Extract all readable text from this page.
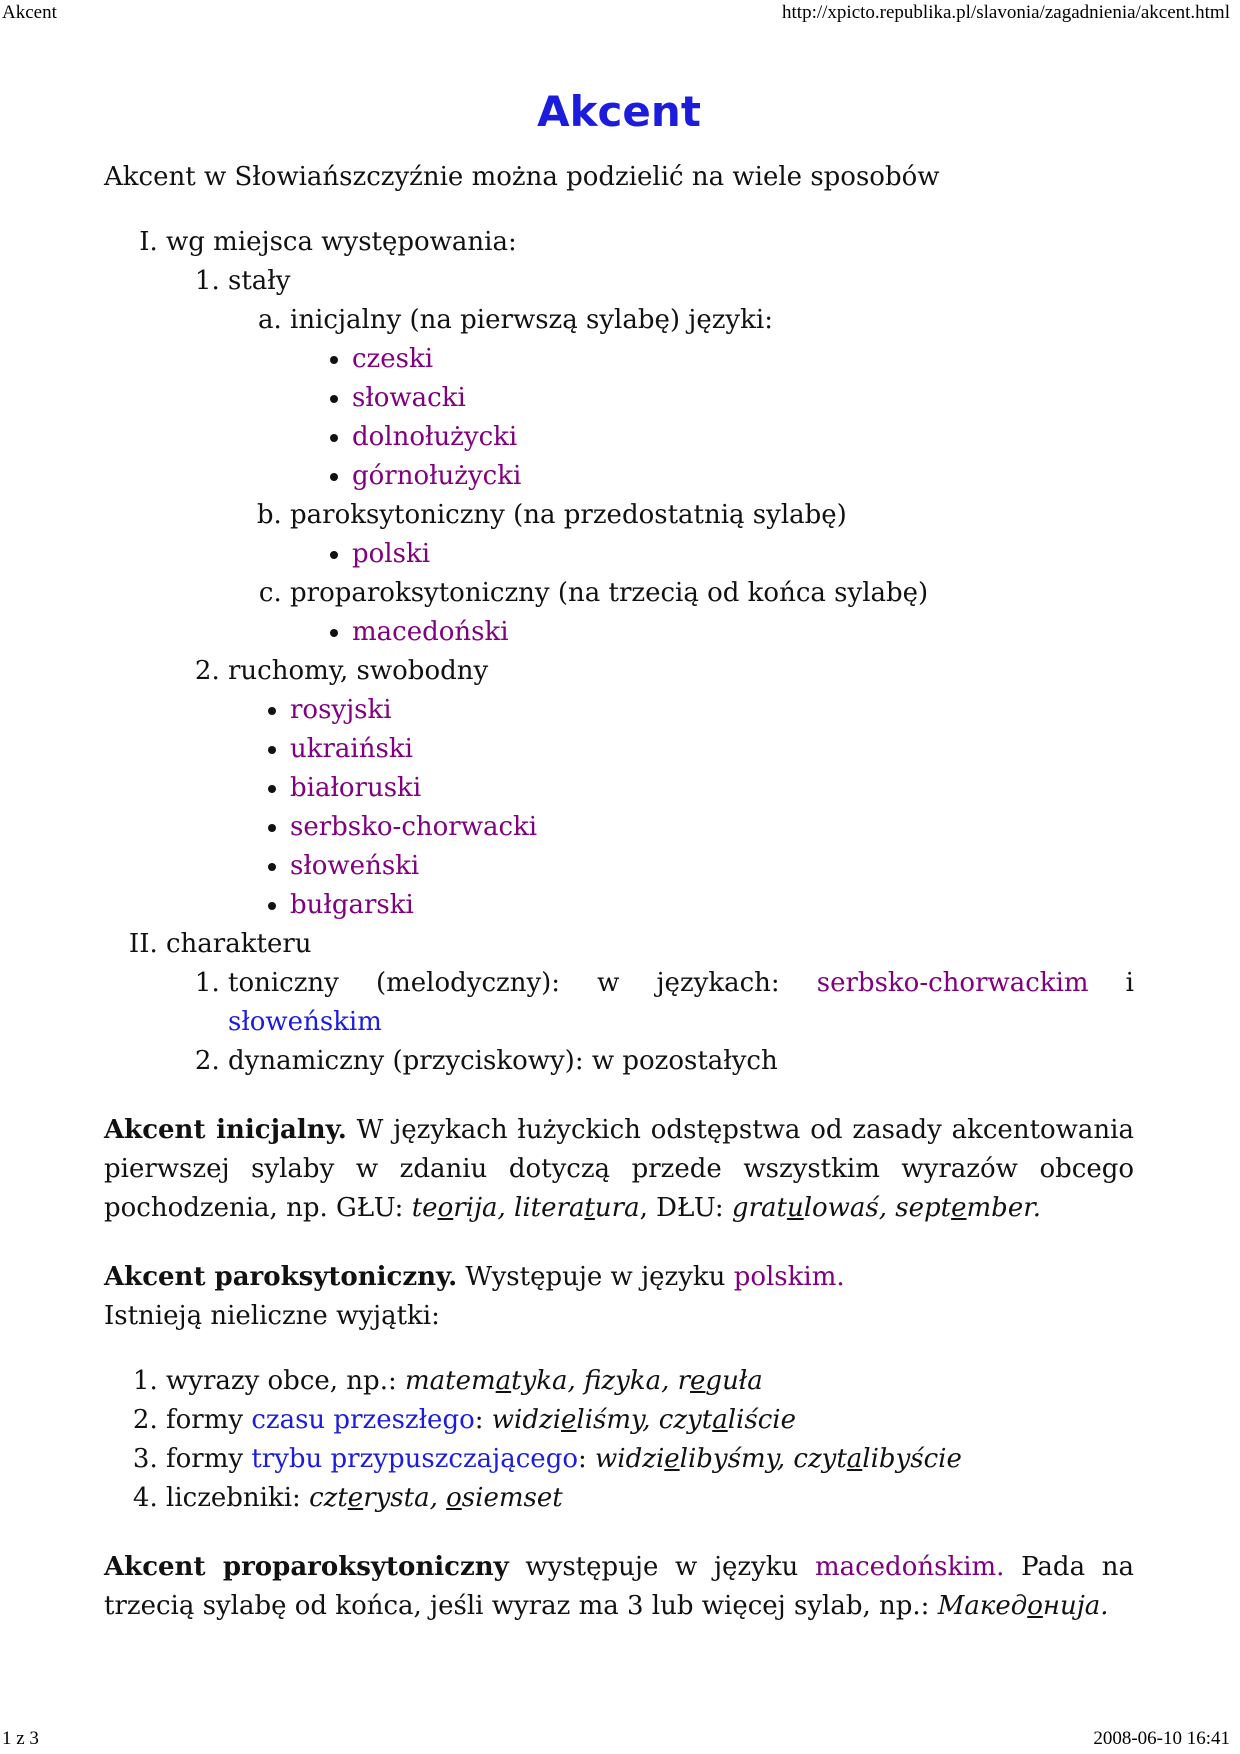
Akcent	http://xpicto.republika.pl/slavonia/zagadnienia/akcent.html
Akcent

Akcent w Słowiańszczyźnie można podzielić na wiele sposobów

I. wg miejsca występowania:
1. stały
a. inicjalny (na pierwszą sylabę) języki:
• czeski
• słowacki
• dolnołużycki
• górnołużycki
b. paroksytoniczny (na przedostatnią sylabę)
• polski
c. proparoksytoniczny (na trzecią od końca sylabę)
• macedoński
2. ruchomy, swobodny
• rosyjski
• ukraiński
• białoruski
• serbsko-chorwacki
• słoweński
• bułgarski
II. charakteru
1. toniczny (melodyczny): w językach: serbsko-chorwackim i
słoweńskim
2. dynamiczny (przyciskowy): w pozostałych

Akcent inicjalny. W językach łużyckich odstępstwa od zasady akcentowania pierwszej sylaby w zdaniu dotyczą przede wszystkim wyrazów obcego pochodzenia, np. GŁU: teorija, literatura, DŁU: gratulowaś, september.

Akcent paroksytoniczny. Występuje w języku polskim.

Istnieją nieliczne wyjątki:

1. wyrazy obce, np.: matematyka, fzyka, reguła
2. formy czasu przeszłego: widzieliśmy, czytaliście
3. formy trybu przypuszczającego: widzielibyśmy, czytalibyście
4. liczebniki: czterysta, osiemset

Akcent proparoksytoniczny występuje w języku macedońskim. Pada na trzecią sylabę od końca, jeśli wyraz ma 3 lub więcej sylab, np.: Македонија.

1 z 3	2008-06-10 16:41
